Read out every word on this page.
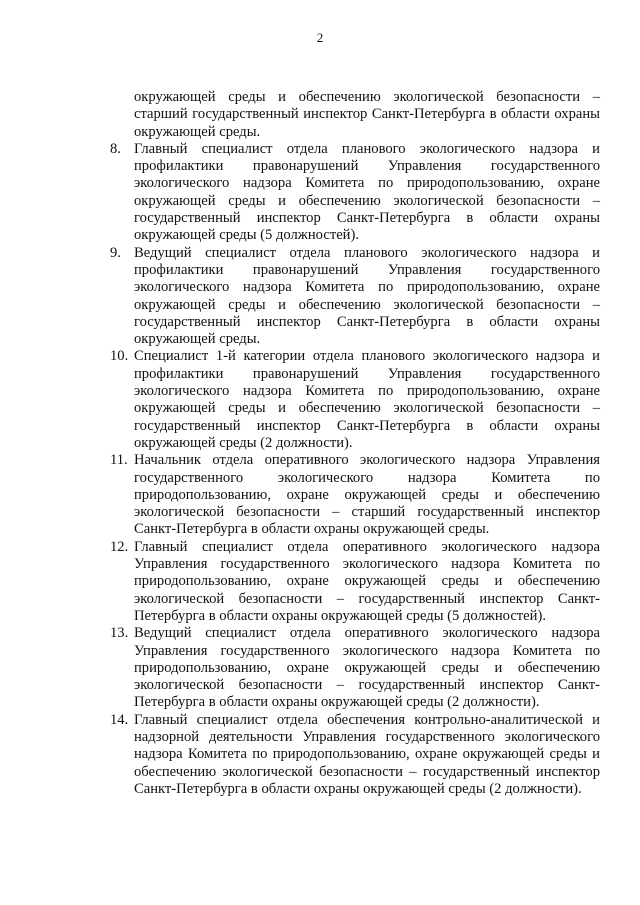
2

окружающей среды и обеспечению экологической безопасности – старший государственный инспектор Санкт-Петербурга в области охраны окружающей среды.

8. Главный специалист отдела планового экологического надзора и профилактики правонарушений Управления государственного экологического надзора Комитета по природопользованию, охране окружающей среды и обеспечению экологической безопасности – государственный инспектор Санкт-Петербурга в области охраны окружающей среды (5 должностей).

9. Ведущий специалист отдела планового экологического надзора и профилактики правонарушений Управления государственного экологического надзора Комитета по природопользованию, охране окружающей среды и обеспечению экологической безопасности – государственный инспектор Санкт-Петербурга в области охраны окружающей среды.

10. Специалист 1-й категории отдела планового экологического надзора и профилактики правонарушений Управления государственного экологического надзора Комитета по природопользованию, охране окружающей среды и обеспечению экологической безопасности – государственный инспектор Санкт-Петербурга в области охраны окружающей среды (2 должности).

11. Начальник отдела оперативного экологического надзора Управления государственного экологического надзора Комитета по природопользованию, охране окружающей среды и обеспечению экологической безопасности – старший государственный инспектор Санкт-Петербурга в области охраны окружающей среды.

12. Главный специалист отдела оперативного экологического надзора Управления государственного экологического надзора Комитета по природопользованию, охране окружающей среды и обеспечению экологической безопасности – государственный инспектор Санкт-Петербурга в области охраны окружающей среды (5 должностей).

13. Ведущий специалист отдела оперативного экологического надзора Управления государственного экологического надзора Комитета по природопользованию, охране окружающей среды и обеспечению экологической безопасности – государственный инспектор Санкт-Петербурга в области охраны окружающей среды (2 должности).

14. Главный специалист отдела обеспечения контрольно-аналитической и надзорной деятельности Управления государственного экологического надзора Комитета по природопользованию, охране окружающей среды и обеспечению экологической безопасности – государственный инспектор Санкт-Петербурга в области охраны окружающей среды (2 должности).
